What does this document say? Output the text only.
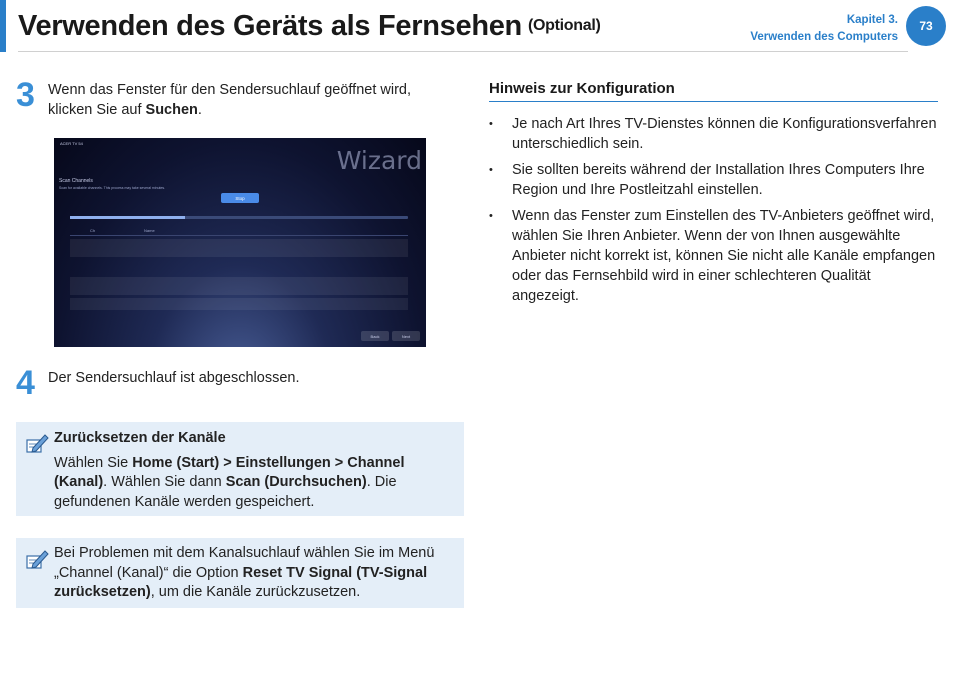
Verwenden des Geräts als Fernsehen (Optional)	Kapitel 3.
Verwenden des Computers
73
3 Wenn das Fenster für den Sendersuchlauf geöffnet wird, klicken Sie auf Suchen.
ACER TV 54
Wizard
Scan Channels
Scan for available channels. This process may take several minutes.
Stop
Ch	Name
Back	Next
4 Der Sendersuchlauf ist abgeschlossen.
Zurücksetzen der Kanäle
Wählen Sie Home (Start) > Einstellungen > Channel (Kanal). Wählen Sie dann Scan (Durchsuchen). Die gefundenen Kanäle werden gespeichert.
Bei Problemen mit dem Kanalsuchlauf wählen Sie im Menü „Channel (Kanal)“ die Option Reset TV Signal (TV-Signal zurücksetzen), um die Kanäle zurückzusetzen.
Hinweis zur Konfiguration
• Je nach Art Ihres TV-Dienstes können die Konfigurationsverfahren unterschiedlich sein.
• Sie sollten bereits während der Installation Ihres Computers Ihre Region und Ihre Postleitzahl einstellen.
• Wenn das Fenster zum Einstellen des TV-Anbieters geöffnet wird, wählen Sie Ihren Anbieter. Wenn der von Ihnen ausgewählte Anbieter nicht korrekt ist, können Sie nicht alle Kanäle empfangen oder das Fernsehbild wird in einer schlechteren Qualität angezeigt.
